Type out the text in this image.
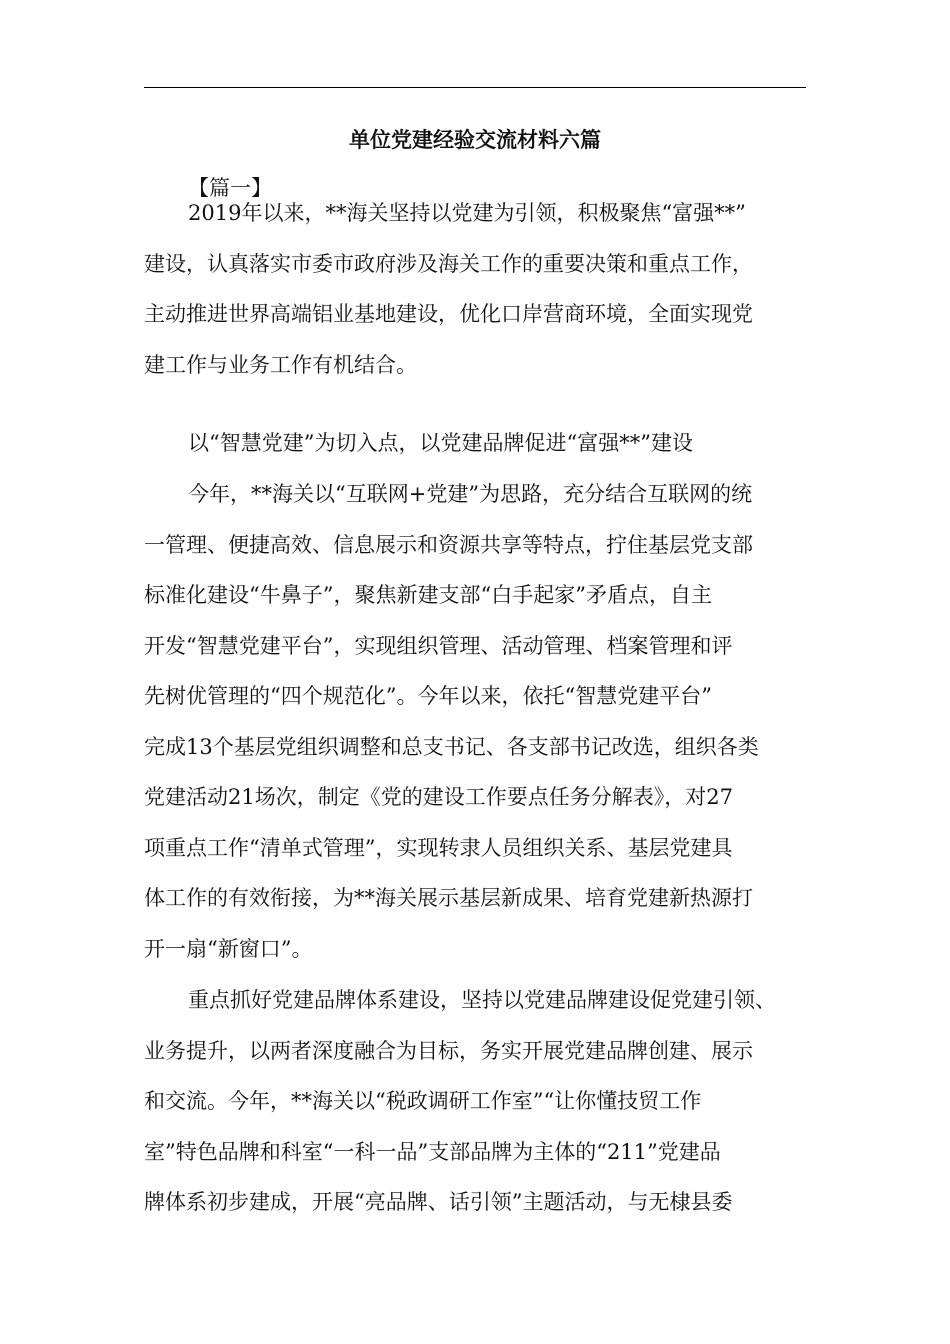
单位党建经验交流材料六篇
【篇一】
2019年以来，**海关坚持以党建为引领，积极聚焦“富强**”
建设，认真落实市委市政府涉及海关工作的重要决策和重点工作，
主动推进世界高端铝业基地建设，优化口岸营商环境，全面实现党
建工作与业务工作有机结合。
以“智慧党建”为切入点，以党建品牌促进“富强**”建设
今年，**海关以“互联网+党建”为思路，充分结合互联网的统
一管理、便捷高效、信息展示和资源共享等特点，拧住基层党支部
标准化建设“牛鼻子”，聚焦新建支部“白手起家”矛盾点，自主
开发“智慧党建平台”，实现组织管理、活动管理、档案管理和评
先树优管理的“四个规范化”。今年以来，依托“智慧党建平台”
完成13个基层党组织调整和总支书记、各支部书记改选，组织各类
党建活动21场次，制定《党的建设工作要点任务分解表》，对27
项重点工作“清单式管理”，实现转隶人员组织关系、基层党建具
体工作的有效衔接，为**海关展示基层新成果、培育党建新热源打
开一扇“新窗口”。
重点抓好党建品牌体系建设，坚持以党建品牌建设促党建引领、
业务提升，以两者深度融合为目标，务实开展党建品牌创建、展示
和交流。今年，**海关以“税政调研工作室”“让你懂技贸工作
室”特色品牌和科室“一科一品”支部品牌为主体的“211”党建品
牌体系初步建成，开展“亮品牌、话引领”主题活动，与无棣县委
